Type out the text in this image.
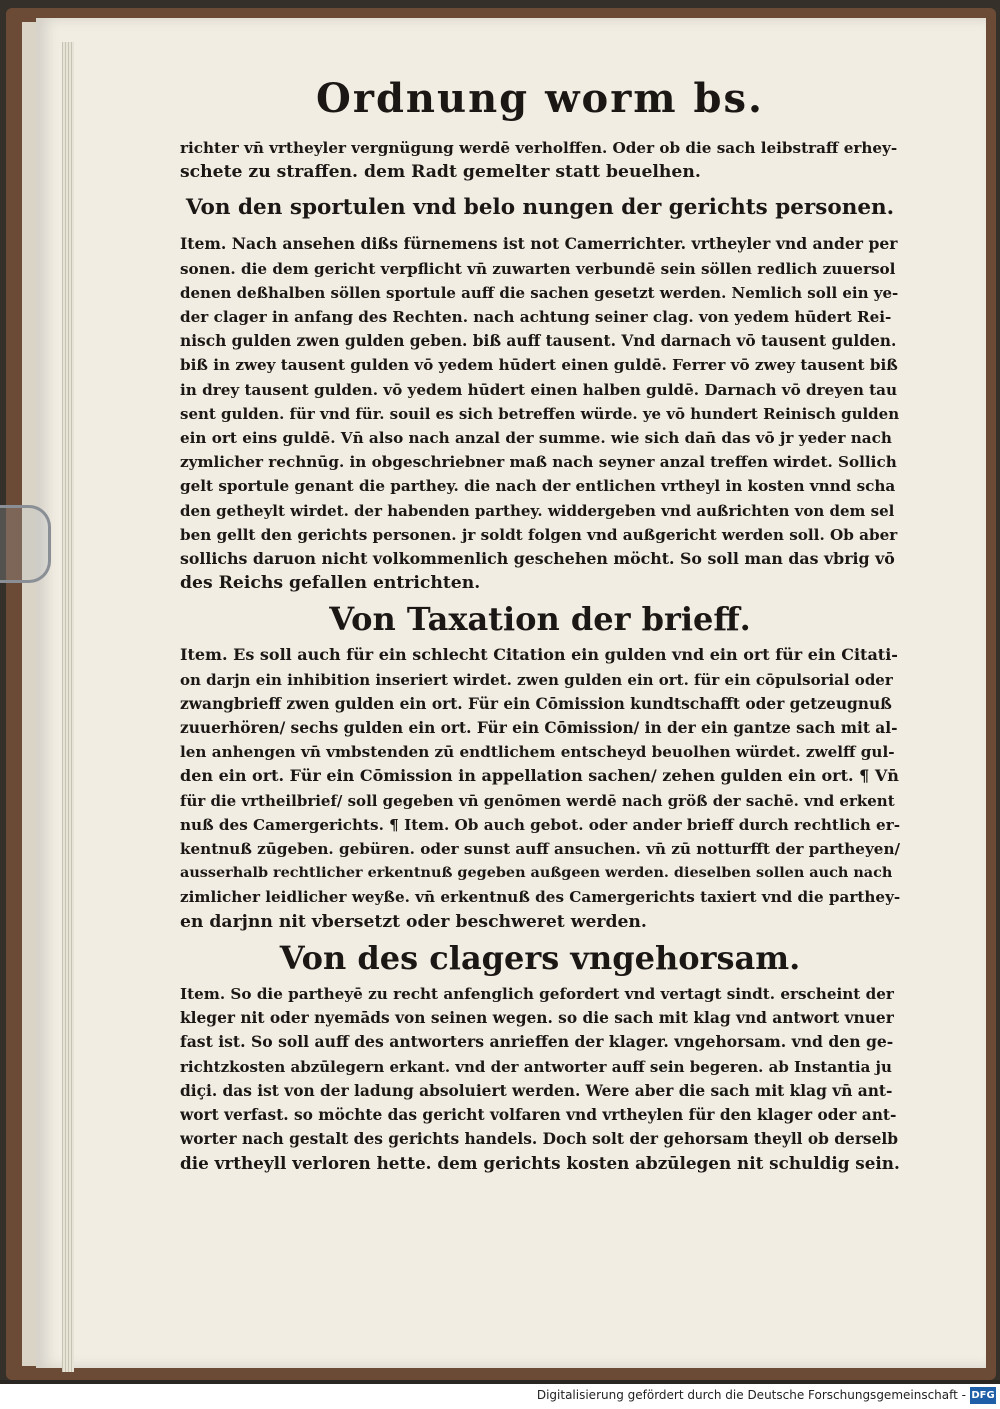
Ordnung worm bs.

richter vn̄ vrtheyler vergnügung werdē verholffen. Oder ob die sach leibstraff erhey-
schete zu straffen. dem Radt gemelter statt beuelhen.

Von den sportulen vnd belo nungen der gerichts personen.

Item. Nach ansehen dißs fürnemens ist not Camerrichter. vrtheyler vnd ander per
sonen. die dem gericht verpflicht vn̄ zuwarten verbundē sein söllen redlich zuuersol
denen deßhalben söllen sportule auff die sachen gesetzt werden. Nemlich soll ein ye-
der clager in anfang des Rechten. nach achtung seiner clag. von yedem hūdert Rei-
nisch gulden zwen gulden geben. biß auff tausent. Vnd darnach vō tausent gulden.
biß in zwey tausent gulden vō yedem hūdert einen guldē. Ferrer vō zwey tausent biß
in drey tausent gulden. vō yedem hūdert einen halben guldē. Darnach vō dreyen tau
sent gulden. für vnd für. souil es sich betreffen würde. ye vō hundert Reinisch gulden
ein ort eins guldē. Vn̄ also nach anzal der summe. wie sich dan̄ das vō jr yeder nach
zymlicher rechnūg. in obgeschriebner maß nach seyner anzal treffen wirdet. Sollich
gelt sportule genant die parthey. die nach der entlichen vrtheyl in kosten vnnd scha
den getheylt wirdet. der habenden parthey. widdergeben vnd außrichten von dem sel
ben gellt den gerichts personen. jr soldt folgen vnd außgericht werden soll. Ob aber
sollichs daruon nicht volkommenlich geschehen möcht. So soll man das vbrig vō
des Reichs gefallen entrichten.

Von Taxation der brieff.

Item. Es soll auch für ein schlecht Citation ein gulden vnd ein ort für ein Citati-
on darjn ein inhibition inseriert wirdet. zwen gulden ein ort. für ein cōpulsorial oder
zwangbrieff zwen gulden ein ort. Für ein Cōmission kundtschafft oder getzeugnuß
zuuerhören/ sechs gulden ein ort. Für ein Cōmission/ in der ein gantze sach mit al-
len anhengen vn̄ vmbstenden zū endtlichem entscheyd beuolhen würdet. zwelff gul-
den ein ort. Für ein Cōmission in appellation sachen/ zehen gulden ein ort. ¶ Vn̄
für die vrtheilbrief/ soll gegeben vn̄ genōmen werdē nach größ der sachē. vnd erkent
nuß des Camergerichts. ¶ Item. Ob auch gebot. oder ander brieff durch rechtlich er-
kentnuß zūgeben. gebüren. oder sunst auff ansuchen. vn̄ zū notturfft der partheyen/
ausserhalb rechtlicher erkentnuß gegeben außgeen werden. dieselben sollen auch nach
zimlicher leidlicher weyße. vn̄ erkentnuß des Camergerichts taxiert vnd die parthey-
en darjnn nit vbersetzt oder beschweret werden.

Von des clagers vngehorsam.

Item. So die partheyē zu recht anfenglich gefordert vnd vertagt sindt. erscheint der
kleger nit oder nyemāds von seinen wegen. so die sach mit klag vnd antwort vnuer
fast ist. So soll auff des antworters anrieffen der klager. vngehorsam. vnd den ge-
richtzkosten abzūlegern erkant. vnd der antworter auff sein begeren. ab Instantia ju
diçi. das ist von der ladung absoluiert werden. Were aber die sach mit klag vn̄ ant-
wort verfast. so möchte das gericht volfaren vnd vrtheylen für den klager oder ant-
worter nach gestalt des gerichts handels. Doch solt der gehorsam theyll ob derselb
die vrtheyll verloren hette. dem gerichts kosten abzūlegen nit schuldig sein.

Digitalisierung gefördert durch die Deutsche Forschungsgemeinschaft - DFG
